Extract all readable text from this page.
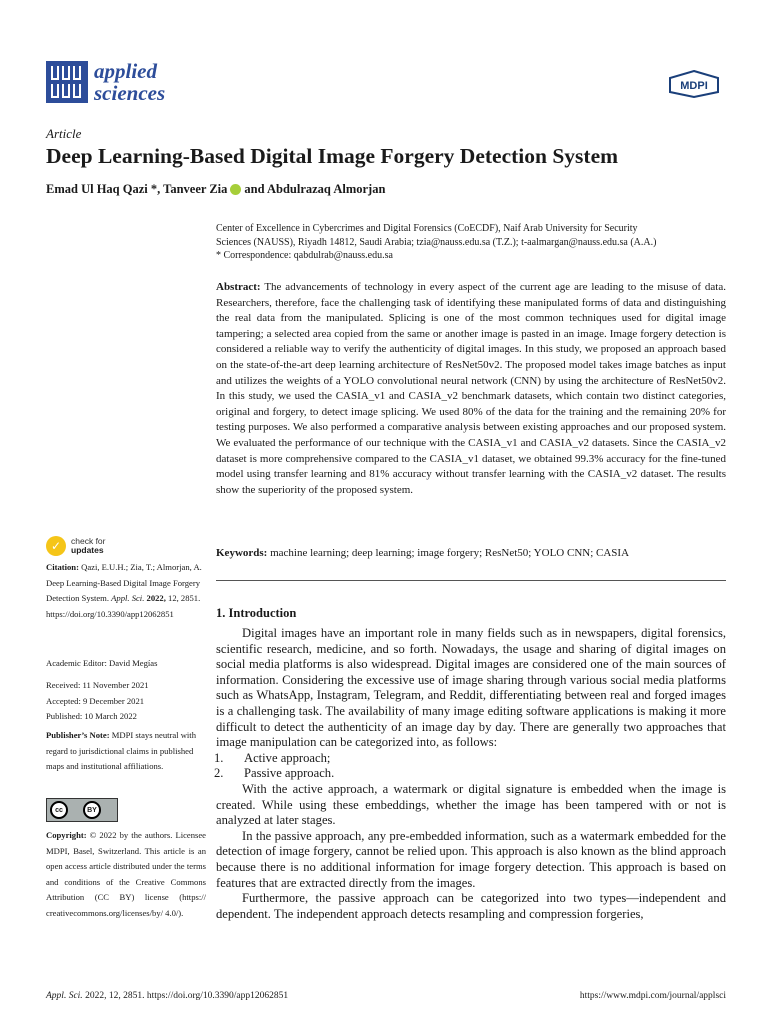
applied
sciences	MDPI
Article
Deep Learning-Based Digital Image Forgery Detection System
Emad Ul Haq Qazi *, Tanveer Zia and Abdulrazaq Almorjan

Center of Excellence in Cybercrimes and Digital Forensics (CoECDF), Naif Arab University for Security

Sciences (NAUSS), Riyadh 14812, Saudi Arabia; tzia@nauss.edu.sa (T.Z.); t-aalmargan@nauss.edu.sa (A.A.)

* Correspondence: qabdulrab@nauss.edu.sa

Abstract: The advancements of technology in every aspect of the current age are leading to the misuse of data. Researchers, therefore, face the challenging task of identifying these manipulated forms of data and distinguishing the real data from the manipulated. Splicing is one of the most common techniques used for digital image tampering; a selected area copied from the same or another image is pasted in an image. Image forgery detection is considered a reliable way to verify the authenticity of digital images. In this study, we proposed an approach based on the state-of-the-art deep learning architecture of ResNet50v2. The proposed model takes image batches as input and utilizes the weights of a YOLO convolutional neural network (CNN) by using the architecture of ResNet50v2. In this study, we used the CASIA_v1 and CASIA_v2 benchmark datasets, which contain two distinct categories, original and forgery, to detect image splicing. We used 80% of the data for the training and the remaining 20% for testing purposes. We also performed a comparative analysis between existing approaches and our proposed system. We evaluated the performance of our technique with the CASIA_v1 and CASIA_v2 datasets. Since the CASIA_v2 dataset is more comprehensive compared to the CASIA_v1 dataset, we obtained 99.3% accuracy for the fine-tuned model using transfer learning and 81% accuracy without transfer learning with the CASIA_v2 dataset. The results show the superiority of the proposed system.
✓	check for
updates	Keywords: machine learning; deep learning; image forgery; ResNet50; YOLO CNN; CASIA
Citation: Qazi, E.U.H.; Zia, T.; Almorjan, A. Deep Learning-Based Digital Image Forgery Detection System. Appl. Sci. 2022, 12, 2851. https://doi.org/10.3390/app12062851
Academic Editor: David Megías
Received: 11 November 2021
Accepted: 9 December 2021
Published: 10 March 2022
Publisher’s Note: MDPI stays neutral with regard to jurisdictional claims in published maps and institutional affiliations.
cc	BY
Copyright: © 2022 by the authors. Licensee MDPI, Basel, Switzerland. This article is an open access article distributed under the terms and conditions of the Creative Commons Attribution (CC BY) license (https:// creativecommons.org/licenses/by/ 4.0/).
1. Introduction

Digital images have an important role in many fields such as in newspapers, digital forensics, scientific research, medicine, and so forth. Nowadays, the usage and sharing of digital images on social media platforms is also widespread. Digital images are considered one of the main sources of information. Considering the excessive use of image sharing through various social media platforms such as WhatsApp, Instagram, Telegram, and Reddit, differentiating between real and forged images is a challenging task. The availability of many image editing software applications is making it more difficult to detect the authenticity of an image day by day. There are generally two approaches that image manipulation can be categorized into, as follows:

1.	Active approach;
2.	Passive approach.

With the active approach, a watermark or digital signature is embedded when the image is created. While using these embeddings, whether the image has been tampered with or not is analyzed at later stages.

In the passive approach, any pre-embedded information, such as a watermark embedded for the detection of image forgery, cannot be relied upon. This approach is also known as the blind approach because there is no additional information for image forgery detection. This approach is based on features that are extracted directly from the images.

Furthermore, the passive approach can be categorized into two types—independent and dependent. The independent approach detects resampling and compression forgeries,

Appl. Sci. 2022, 12, 2851. https://doi.org/10.3390/app12062851	https://www.mdpi.com/journal/applsci
